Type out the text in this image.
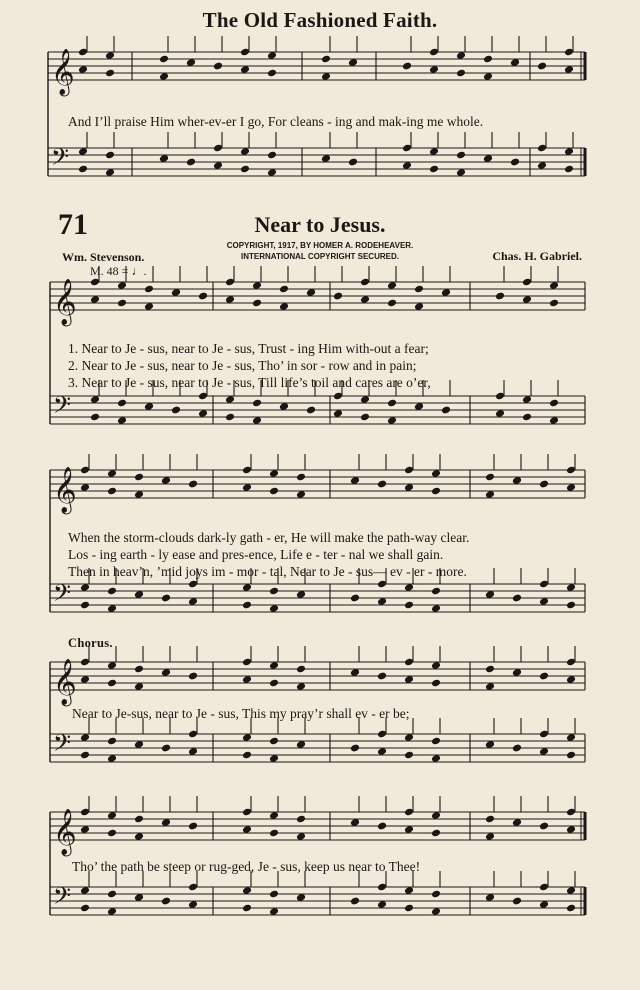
The Old Fashioned Faith.
𝄞
𝄢
𝄞
𝄢
𝄞
𝄢
𝄞
𝄢
𝄞
𝄢
And I’ll praise Him wher-ev-er I go, For cleans - ing and mak-ing me whole.
71	Near to Jesus.
COPYRIGHT, 1917, BY HOMER A. RODEHEAVER.
INTERNATIONAL COPYRIGHT SECURED.
Wm. Stevenson.	Chas. H. Gabriel.
M. 48 = ♩.
1. Near to Je - sus, near to Je - sus, Trust - ing Him with-out a fear;
2. Near to Je - sus, near to Je - sus, Tho’ in sor - row and in pain;
3. Near to Je - sus, near to Je - sus, Till life’s toil and cares are o’er,
When the storm-clouds dark-ly gath - er, He will make the path-way clear.
Los - ing earth - ly ease and pres-ence, Life e - ter - nal we shall gain.
Then in heav’n, ’mid joys im - mor - tal, Near to Je - sus— ev - er - more.
Chorus.
Near to Je-sus, near to Je - sus, This my pray’r shall ev - er be;
Tho’ the path be steep or rug-ged, Je - sus, keep us near to Thee!
